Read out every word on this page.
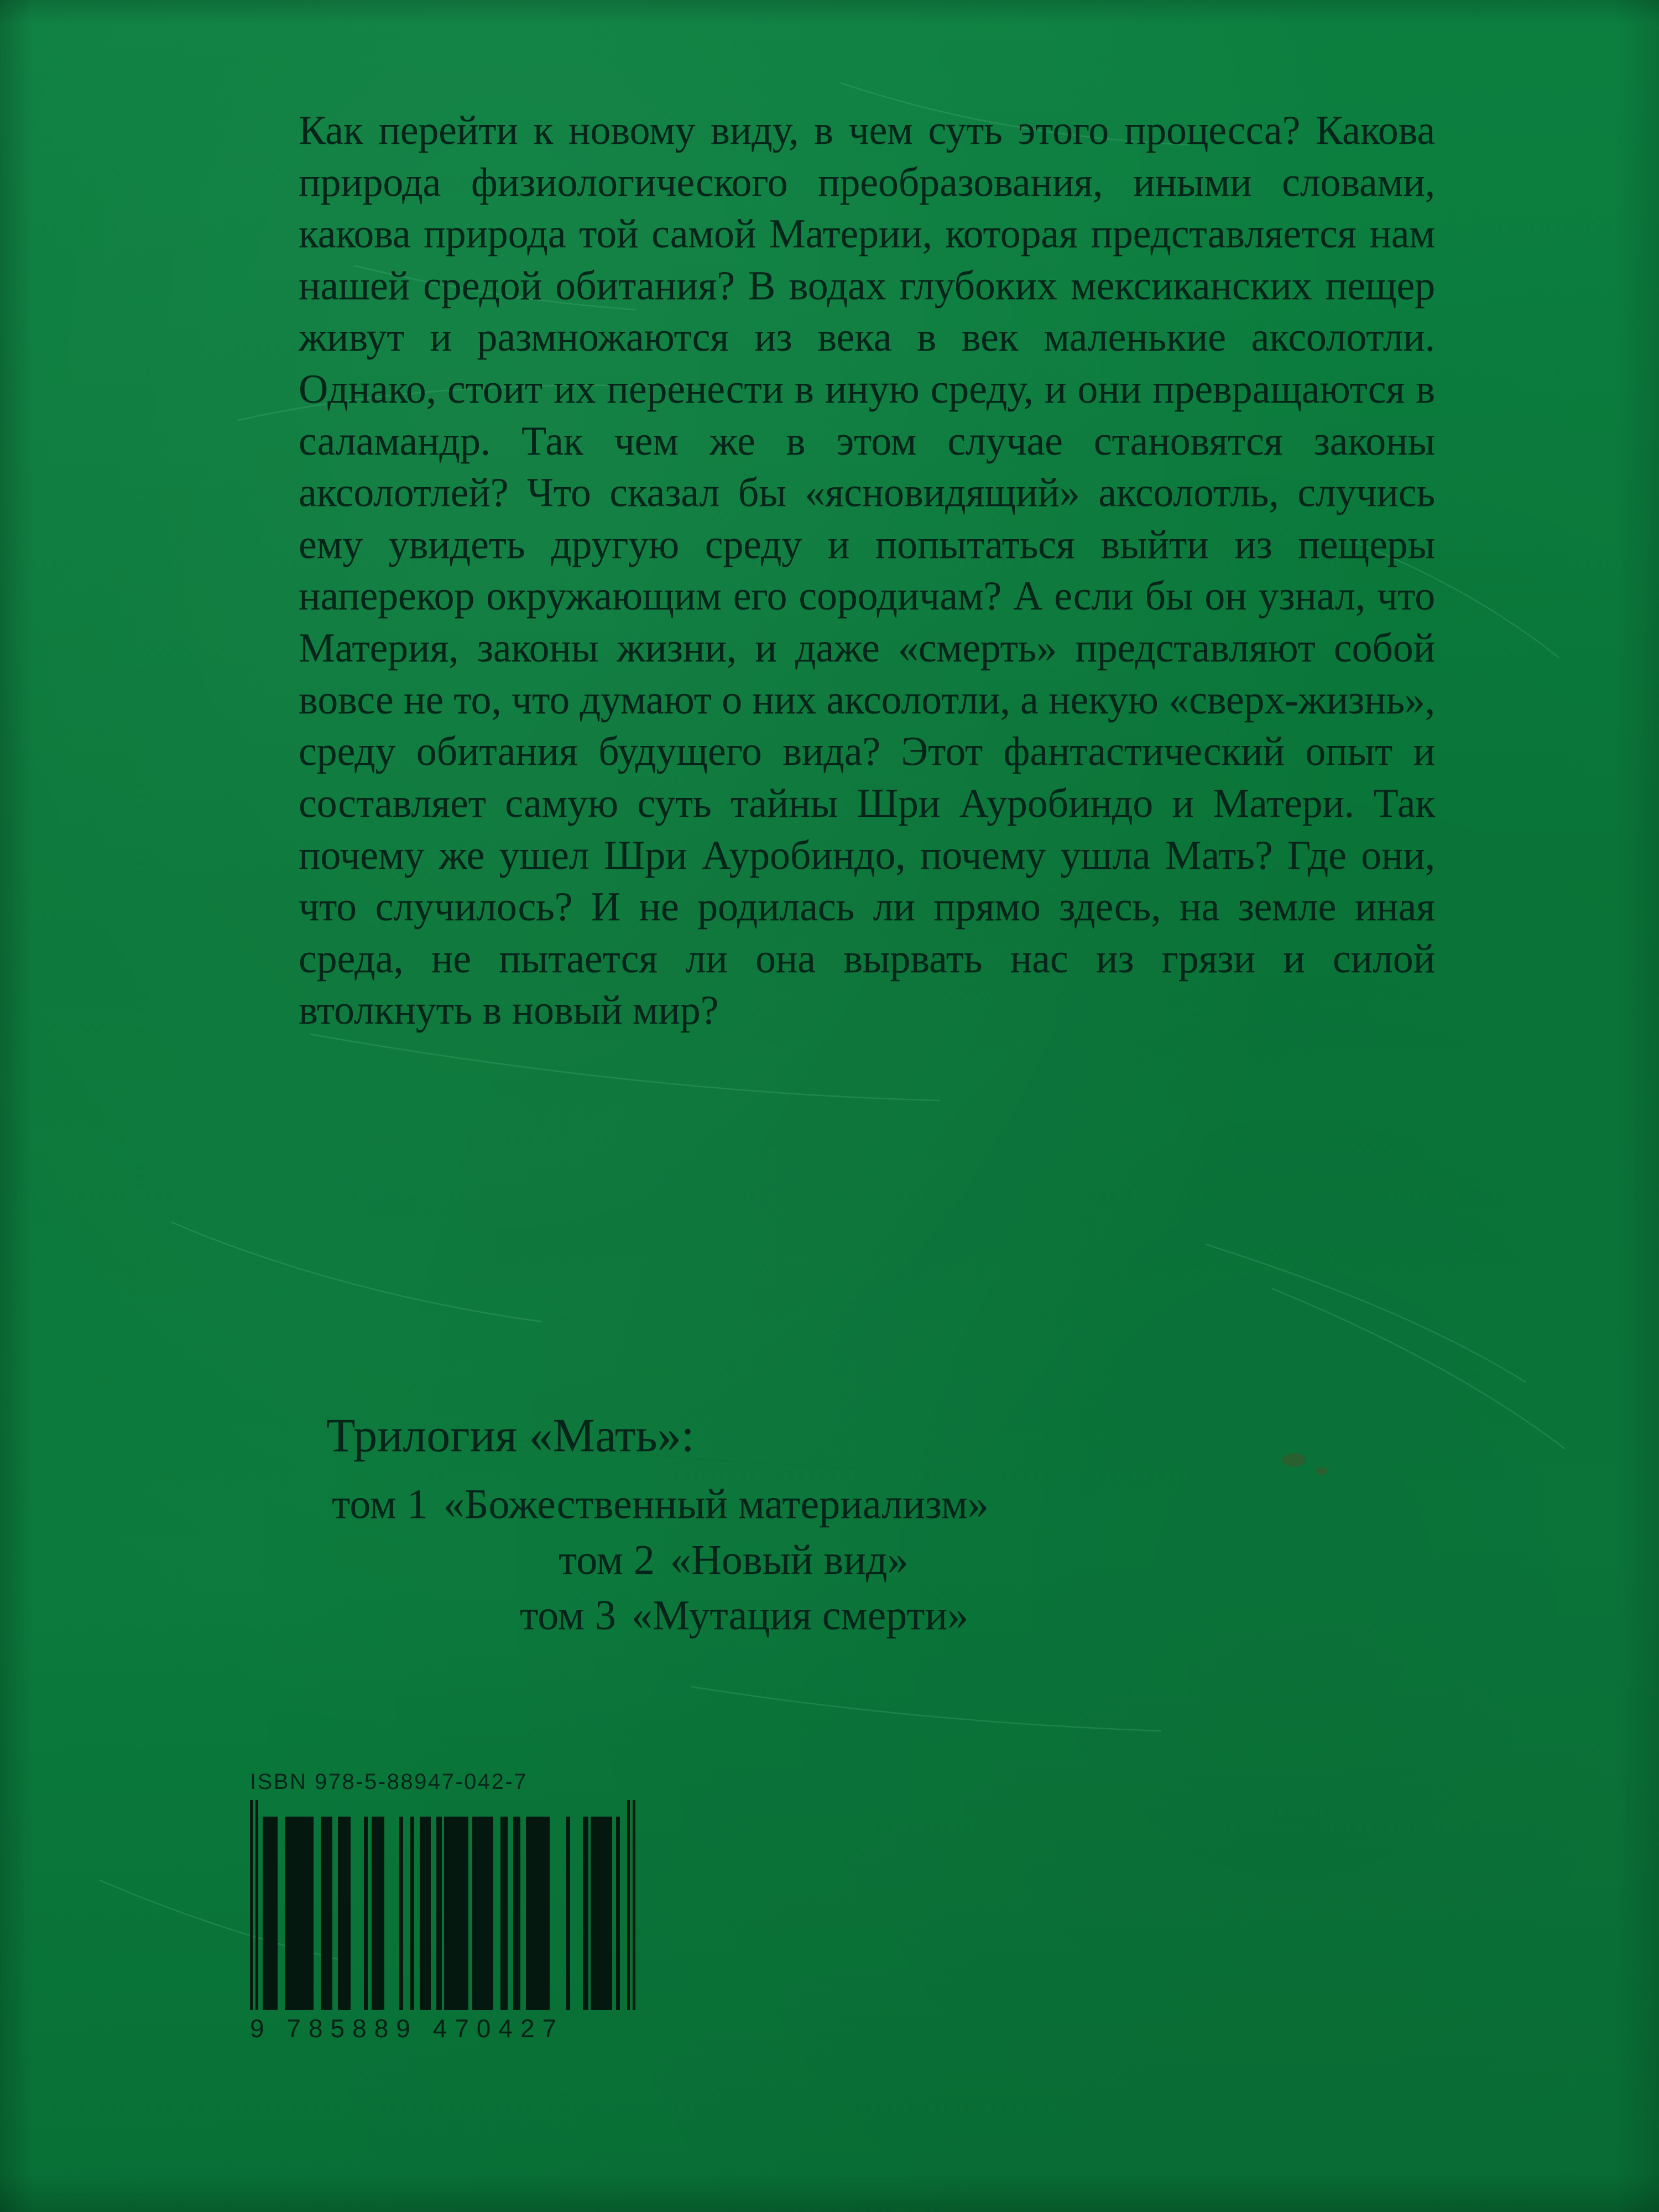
Как перейти к новому виду, в чем суть этого процесса? Какова природа физиологического преобразования, иными словами, какова природа той самой Материи, которая представляется нам нашей средой обитания? В водах глубоких мексиканских пещер живут и размножаются из века в век маленькие аксолотли. Однако, стоит их перенести в иную среду, и они превращаются в саламандр. Так чем же в этом случае становятся законы аксолотлей? Что сказал бы «ясновидящий» аксолотль, случись ему увидеть другую среду и попытаться выйти из пещеры наперекор окружающим его сородичам? А если бы он узнал, что Материя, законы жизни, и даже «смерть» представляют собой вовсе не то, что думают о них аксолотли, а некую «сверх-жизнь», среду обитания будущего вида? Этот фантастический опыт и составляет самую суть тайны Шри Ауробиндо и Матери. Так почему же ушел Шри Ауробиндо, почему ушла Мать? Где они, что случилось? И не родилась ли прямо здесь, на земле иная среда, не пытается ли она вырвать нас из грязи и силой втолкнуть в новый мир?
Трилогия «Мать»:
том 1 «Божественный материализм»
том 2 «Новый вид»
том 3 «Мутация смерти»
ISBN 978-5-88947-042-7
9 785889 470427
